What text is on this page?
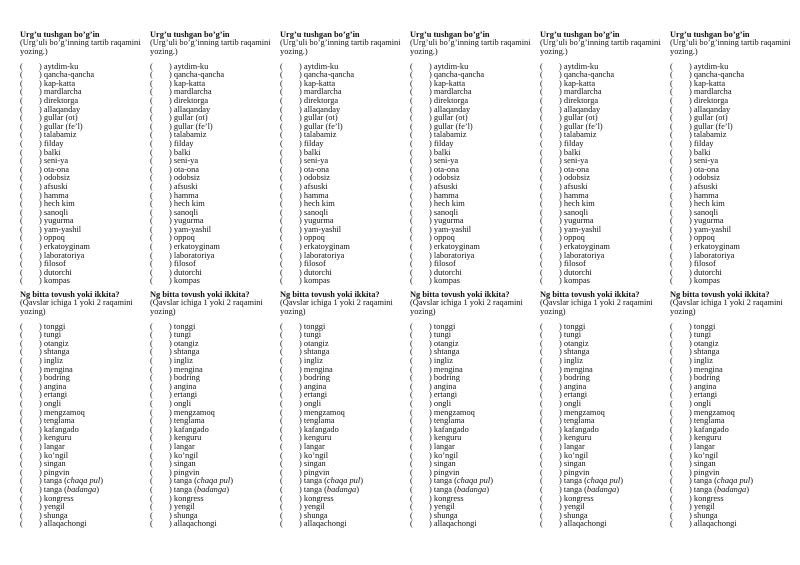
Urg’u tushgan bo’g’in
(Urg’uli bo’g’inning tartib raqamini yozing.)
( ) aytdim-ku
( ) qancha-qancha
( ) kap-katta
( ) mardlarcha
( ) direktorga
( ) allaqanday
( ) gullar (ot)
( ) gullar (fe’l)
( ) talabamiz
( ) filday
( ) balki
( ) seni-ya
( ) ota-ona
( ) odobsiz
( ) afsuski
( ) hamma
( ) hech kim
( ) sanoqli
( ) yugurma
( ) yam-yashil
( ) oppoq
( ) erkatoyginam
( ) laboratoriya
( ) filosof
( ) dutorchi
( ) kompas
Ng bitta tovush yoki ikkita?
(Qavslar ichiga 1 yoki 2 raqamini yozing)
( ) tonggi
( ) tungi
( ) otangiz
( ) shtanga
( ) ingliz
( ) mengina
( ) bodring
( ) angina
( ) ertangi
( ) ongli
( ) mengzamoq
( ) tenglama
( ) kafangado
( ) kenguru
( ) langar
( ) ko’ngil
( ) singan
( ) pingvin
( ) tanga (chaqa pul)
( ) tanga (badanga)
( ) kongress
( ) yengil
( ) shunga
( ) allaqachongi
Urg’u tushgan bo’g’in
(Urg’uli bo’g’inning tartib raqamini yozing.)
( ) aytdim-ku
( ) qancha-qancha
( ) kap-katta
( ) mardlarcha
( ) direktorga
( ) allaqanday
( ) gullar (ot)
( ) gullar (fe’l)
( ) talabamiz
( ) filday
( ) balki
( ) seni-ya
( ) ota-ona
( ) odobsiz
( ) afsuski
( ) hamma
( ) hech kim
( ) sanoqli
( ) yugurma
( ) yam-yashil
( ) oppoq
( ) erkatoyginam
( ) laboratoriya
( ) filosof
( ) dutorchi
( ) kompas
Ng bitta tovush yoki ikkita?
(Qavslar ichiga 1 yoki 2 raqamini yozing)
( ) tonggi
( ) tungi
( ) otangiz
( ) shtanga
( ) ingliz
( ) mengina
( ) bodring
( ) angina
( ) ertangi
( ) ongli
( ) mengzamoq
( ) tenglama
( ) kafangado
( ) kenguru
( ) langar
( ) ko’ngil
( ) singan
( ) pingvin
( ) tanga (chaqa pul)
( ) tanga (badanga)
( ) kongress
( ) yengil
( ) shunga
( ) allaqachongi
Urg’u tushgan bo’g’in
(Urg’uli bo’g’inning tartib raqamini yozing.)
( ) aytdim-ku
( ) qancha-qancha
( ) kap-katta
( ) mardlarcha
( ) direktorga
( ) allaqanday
( ) gullar (ot)
( ) gullar (fe’l)
( ) talabamiz
( ) filday
( ) balki
( ) seni-ya
( ) ota-ona
( ) odobsiz
( ) afsuski
( ) hamma
( ) hech kim
( ) sanoqli
( ) yugurma
( ) yam-yashil
( ) oppoq
( ) erkatoyginam
( ) laboratoriya
( ) filosof
( ) dutorchi
( ) kompas
Ng bitta tovush yoki ikkita?
(Qavslar ichiga 1 yoki 2 raqamini yozing)
( ) tonggi
( ) tungi
( ) otangiz
( ) shtanga
( ) ingliz
( ) mengina
( ) bodring
( ) angina
( ) ertangi
( ) ongli
( ) mengzamoq
( ) tenglama
( ) kafangado
( ) kenguru
( ) langar
( ) ko’ngil
( ) singan
( ) pingvin
( ) tanga (chaqa pul)
( ) tanga (badanga)
( ) kongress
( ) yengil
( ) shunga
( ) allaqachongi
Urg’u tushgan bo’g’in
(Urg’uli bo’g’inning tartib raqamini yozing.)
( ) aytdim-ku
( ) qancha-qancha
( ) kap-katta
( ) mardlarcha
( ) direktorga
( ) allaqanday
( ) gullar (ot)
( ) gullar (fe’l)
( ) talabamiz
( ) filday
( ) balki
( ) seni-ya
( ) ota-ona
( ) odobsiz
( ) afsuski
( ) hamma
( ) hech kim
( ) sanoqli
( ) yugurma
( ) yam-yashil
( ) oppoq
( ) erkatoyginam
( ) laboratoriya
( ) filosof
( ) dutorchi
( ) kompas
Ng bitta tovush yoki ikkita?
(Qavslar ichiga 1 yoki 2 raqamini yozing)
( ) tonggi
( ) tungi
( ) otangiz
( ) shtanga
( ) ingliz
( ) mengina
( ) bodring
( ) angina
( ) ertangi
( ) ongli
( ) mengzamoq
( ) tenglama
( ) kafangado
( ) kenguru
( ) langar
( ) ko’ngil
( ) singan
( ) pingvin
( ) tanga (chaqa pul)
( ) tanga (badanga)
( ) kongress
( ) yengil
( ) shunga
( ) allaqachongi
Urg’u tushgan bo’g’in
(Urg’uli bo’g’inning tartib raqamini yozing.)
( ) aytdim-ku
( ) qancha-qancha
( ) kap-katta
( ) mardlarcha
( ) direktorga
( ) allaqanday
( ) gullar (ot)
( ) gullar (fe’l)
( ) talabamiz
( ) filday
( ) balki
( ) seni-ya
( ) ota-ona
( ) odobsiz
( ) afsuski
( ) hamma
( ) hech kim
( ) sanoqli
( ) yugurma
( ) yam-yashil
( ) oppoq
( ) erkatoyginam
( ) laboratoriya
( ) filosof
( ) dutorchi
( ) kompas
Ng bitta tovush yoki ikkita?
(Qavslar ichiga 1 yoki 2 raqamini yozing)
( ) tonggi
( ) tungi
( ) otangiz
( ) shtanga
( ) ingliz
( ) mengina
( ) bodring
( ) angina
( ) ertangi
( ) ongli
( ) mengzamoq
( ) tenglama
( ) kafangado
( ) kenguru
( ) langar
( ) ko’ngil
( ) singan
( ) pingvin
( ) tanga (chaqa pul)
( ) tanga (badanga)
( ) kongress
( ) yengil
( ) shunga
( ) allaqachongi
Urg’u tushgan bo’g’in
(Urg’uli bo’g’inning tartib raqamini yozing.)
( ) aytdim-ku
( ) qancha-qancha
( ) kap-katta
( ) mardlarcha
( ) direktorga
( ) allaqanday
( ) gullar (ot)
( ) gullar (fe’l)
( ) talabamiz
( ) filday
( ) balki
( ) seni-ya
( ) ota-ona
( ) odobsiz
( ) afsuski
( ) hamma
( ) hech kim
( ) sanoqli
( ) yugurma
( ) yam-yashil
( ) oppoq
( ) erkatoyginam
( ) laboratoriya
( ) filosof
( ) dutorchi
( ) kompas
Ng bitta tovush yoki ikkita?
(Qavslar ichiga 1 yoki 2 raqamini yozing)
( ) tonggi
( ) tungi
( ) otangiz
( ) shtanga
( ) ingliz
( ) mengina
( ) bodring
( ) angina
( ) ertangi
( ) ongli
( ) mengzamoq
( ) tenglama
( ) kafangado
( ) kenguru
( ) langar
( ) ko’ngil
( ) singan
( ) pingvin
( ) tanga (chaqa pul)
( ) tanga (badanga)
( ) kongress
( ) yengil
( ) shunga
( ) allaqachongi
